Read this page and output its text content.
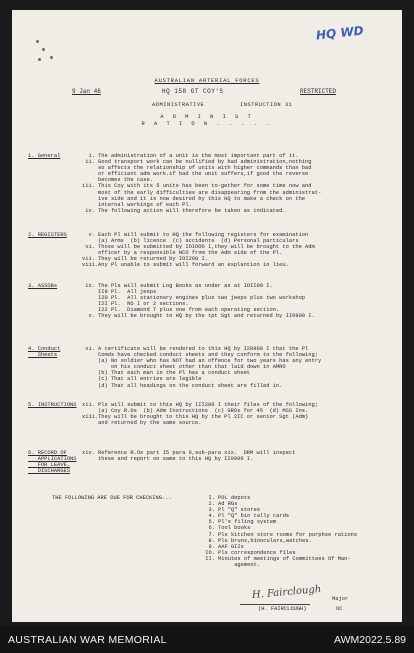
HQ WD
AUSTRALIAN ARTERIAL FORCES
9 Jan 46	HQ 158 GT COY'S	RESTRICTED
ADMINISTRATIVE	INSTRUCTION 31
A D M I N I S T
R A T I O N . . . . .
1. General	i. The administration of a unit is the most important part of it.
ii. Good transport work can be nullified by bad administration,nothing
so affects the relationship of units with higher commands than bad
or efficient adm work.if bad the unit suffers,if good the reverse
becomes the case.
iii. This Coy with its 5 units has been to-gether for some time now and
most of the early difficulties are disappearing from the administrat-
ive side and it is now desired by this HQ to make a check on the
internal workings of each Pl.
iv. The following action will therefore be taken as indicated.
2. REGISTERS	v. Each Pl will submit to HQ the following registers for examination
(a) Arms  (b) licence  (c) accidents  (d) Personal particulars
vi. Those will be submitted by IOIOOO I,they will be brought to the Adm
officer by a responsible NCO from the Adm side of the Pl.
vii. They will be returned by IOI200 I.
viii. Any Pl unable to submit will forward an explantion in lieu.
3. ASSOBs	ix. The Pls will submit Log Books as under as at IOII00 I.
II9 Pl.  All jeeps
I20 Pl.  All stationary engines plus two jeeps plus two workshop
I2I Pl.  NO I or 2 sections.
I22 Pl.  Diamond T plus one from each operating section.
x. They will be brought to HQ by the tpt Sgt and returned by II0900 I.
4. Conduct
Sheets
xi. A certificate will be rendered to this HQ by I20900 I that the Pl
Comds have checked conduct sheets and they conform to the following;
(a) No soldier who has NOT had an offence for two years has any entry
on his conduct sheet other than that laid down in AMRO
(b) That each man in the Pl has a conduct sheet
(c) That all entries are legible
(d) That all headings on the conduct sheet are filled in.
5. INSTRUCTIONS xii. Pls will submit to this HQ by III200 I their files of the following;
(a) Coy R.Os  (b) Adm Instructions  (c) GROs for 45  (d) MSS Ins.
xiii. They will be brought to this HQ by the Pl 2IC or senior Sgt (Adm)
and returned by the same source.
6. RECORD OF
APPLICATIONS
FOR LEAVE,
DISCHARGES
xiv. Reference R.Os part I5 para 6,sub-para xix.  DRM will inspect
these and report on same to this HQ by II0900 I.
THE FOLLOWING ARE DUE FOR CHECKING...	I. POL depots
2. Ad RGs
3. Pl "Q" stores
4. Pl "Q" bin tally cards
5. Pl's filing system
6. Tool books
7. Pls kitchen store rooms for purphse rations
8. Pls bruns,binoculars,watches.
9. AAF GIIs
IO. Pls correspondence files
II. Minutes of meetings of Committees Of Man-
agement.
H. Fairclough
(H. FAIRCLOUGH)
Major
OC
AUSTRALIAN WAR MEMORIAL	AWM2022.5.89
